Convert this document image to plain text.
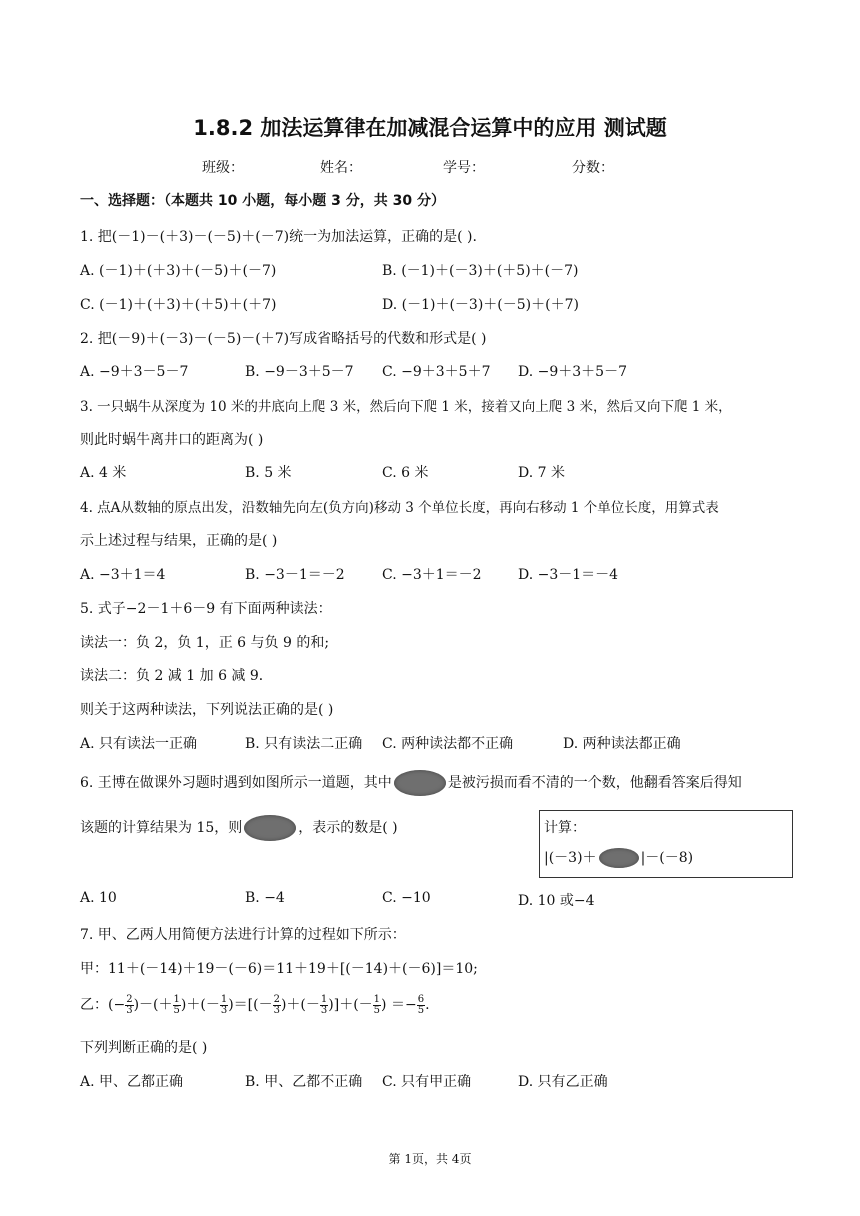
1.8.2 加法运算律在加减混合运算中的应用 测试题
班级：	姓名：	学号：	分数：
一、选择题：（本题共 10 小题，每小题 3 分，共 30 分）
1. 把(－1)－(＋3)－(－5)＋(－7)统一为加法运算，正确的是( ).
A. (－1)＋(＋3)＋(－5)＋(－7)	B. (－1)＋(－3)＋(＋5)＋(－7)
C. (－1)＋(＋3)＋(＋5)＋(＋7)	D. (－1)＋(－3)＋(－5)＋(＋7)
2. 把(－9)＋(－3)－(－5)－(＋7)写成省略括号的代数和形式是( )
A. −9＋3－5－7	B. −9－3＋5－7 C. −9＋3＋5＋7 D. −9＋3＋5－7
3. 一只蜗牛从深度为 10 米的井底向上爬 3 米，然后向下爬 1 米，接着又向上爬 3 米，然后又向下爬 1 米，
则此时蜗牛离井口的距离为( )
A. 4 米	B. 5 米	C. 6 米	D. 7 米
4. 点A从数轴的原点出发，沿数轴先向左(负方向)移动 3 个单位长度，再向右移动 1 个单位长度，用算式表
示上述过程与结果，正确的是( )
A. −3＋1＝4	B. −3－1＝－2	C. −3＋1＝－2	D. −3－1＝－4
5. 式子−2－1＋6－9 有下面两种读法：
读法一：负 2，负 1，正 6 与负 9 的和;
读法二：负 2 减 1 加 6 减 9．
则关于这两种读法，下列说法正确的是( )
A. 只有读法一正确	B. 只有读法二正确 C. 两种读法都不正确	D. 两种读法都正确
6. 王博在做课外习题时遇到如图所示一道题，其中	是被污损而看不清的一个数，他翻看答案后得知
该题的计算结果为 15，则	，表示的数是( )	计算：
|(－3)＋	|－(－8)
A. 10	B. −4	C. −10	D. 10 或−4
7. 甲、乙两人用简便方法进行计算的过程如下所示：
甲：11＋(－14)＋19－(－6)＝11＋19＋[(－14)＋(－6)]＝10;
乙：(− $\frac{2}{3}$ )－(＋ $\frac{1}{5}$ )＋(－ $\frac{1}{3}$ )＝[(－ $\frac{2}{3}$ )＋(－ $\frac{1}{3}$ )]＋(－ $\frac{1}{5}$ ) ＝− $\frac{6}{5}$ .
下列判断正确的是( )
A. 甲、乙都正确	B. 甲、乙都不正确 C. 只有甲正确	D. 只有乙正确
第 1页，共 4页
